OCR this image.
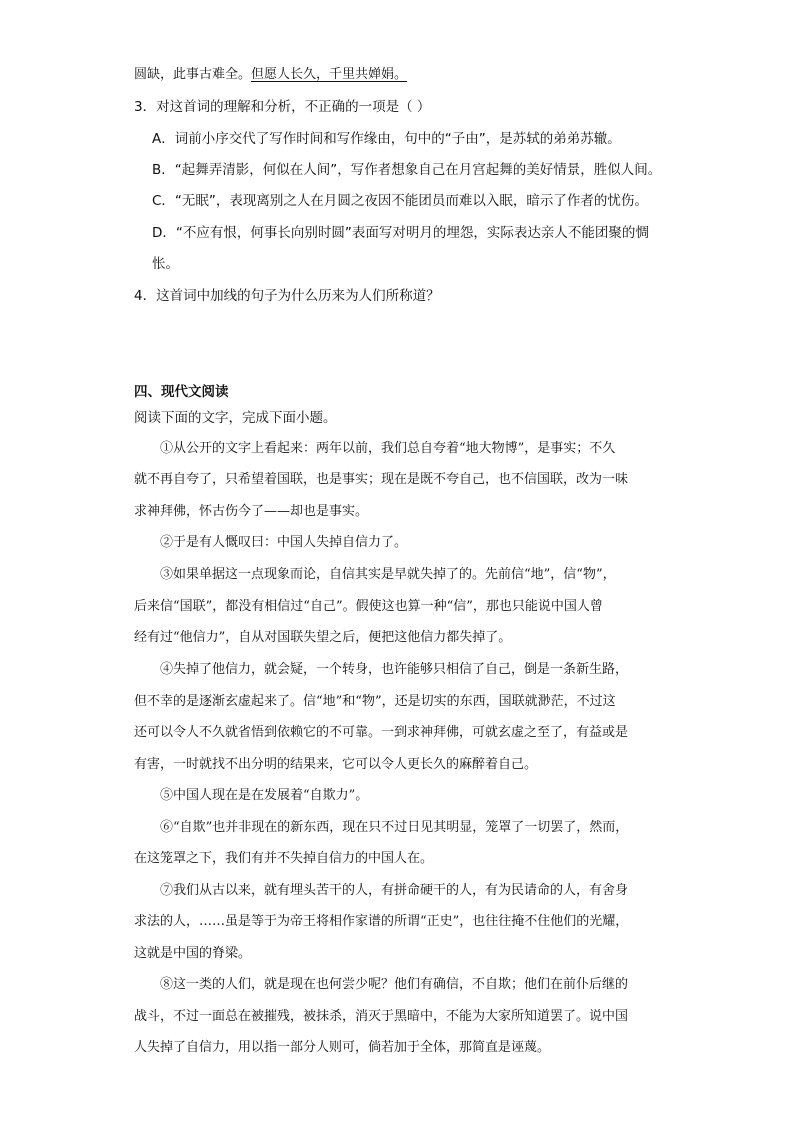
圆缺，此事古难全。但愿人长久，千里共婵娟。
3．对这首词的理解和分析，不正确的一项是（ ）
A．词前小序交代了写作时间和写作缘由，句中的“子由”，是苏轼的弟弟苏辙。
B．“起舞弄清影，何似在人间”，写作者想象自己在月宫起舞的美好情景，胜似人间。
C．“无眠”，表现离别之人在月圆之夜因不能团员而难以入眠，暗示了作者的忧伤。
D．“不应有恨，何事长向别时圆”表面写对明月的埋怨，实际表达亲人不能团聚的惆
怅。
4．这首词中加线的句子为什么历来为人们所称道？
四、现代文阅读
阅读下面的文字，完成下面小题。
①从公开的文字上看起来：两年以前，我们总自夸着“地大物博”，是事实；不久
就不再自夸了，只希望着国联，也是事实；现在是既不夸自己，也不信国联，改为一味
求神拜佛，怀古伤今了——却也是事实。
②于是有人慨叹曰：中国人失掉自信力了。
③如果单据这一点现象而论，自信其实是早就失掉了的。先前信“地”，信“物”，
后来信“国联”，都没有相信过“自己”。假使这也算一种“信”，那也只能说中国人曾
经有过“他信力”，自从对国联失望之后，便把这他信力都失掉了。
④失掉了他信力，就会疑，一个转身，也许能够只相信了自己，倒是一条新生路，
但不幸的是逐渐玄虚起来了。信“地”和“物”，还是切实的东西，国联就渺茫，不过这
还可以令人不久就省悟到依赖它的不可靠。一到求神拜佛，可就玄虚之至了，有益或是
有害，一时就找不出分明的结果来，它可以令人更长久的麻醉着自己。
⑤中国人现在是在发展着“自欺力”。
⑥“自欺”也并非现在的新东西，现在只不过日见其明显，笼罩了一切罢了，然而，
在这笼罩之下，我们有并不失掉自信力的中国人在。
⑦我们从古以来，就有埋头苦干的人，有拼命硬干的人，有为民请命的人，有舍身
求法的人，……虽是等于为帝王将相作家谱的所谓“正史”，也往往掩不住他们的光耀，
这就是中国的脊梁。
⑧这一类的人们，就是现在也何尝少呢？他们有确信，不自欺；他们在前仆后继的
战斗，不过一面总在被摧残，被抹杀，消灭于黑暗中，不能为大家所知道罢了。说中国
人失掉了自信力，用以指一部分人则可，倘若加于全体，那简直是诬蔑。
